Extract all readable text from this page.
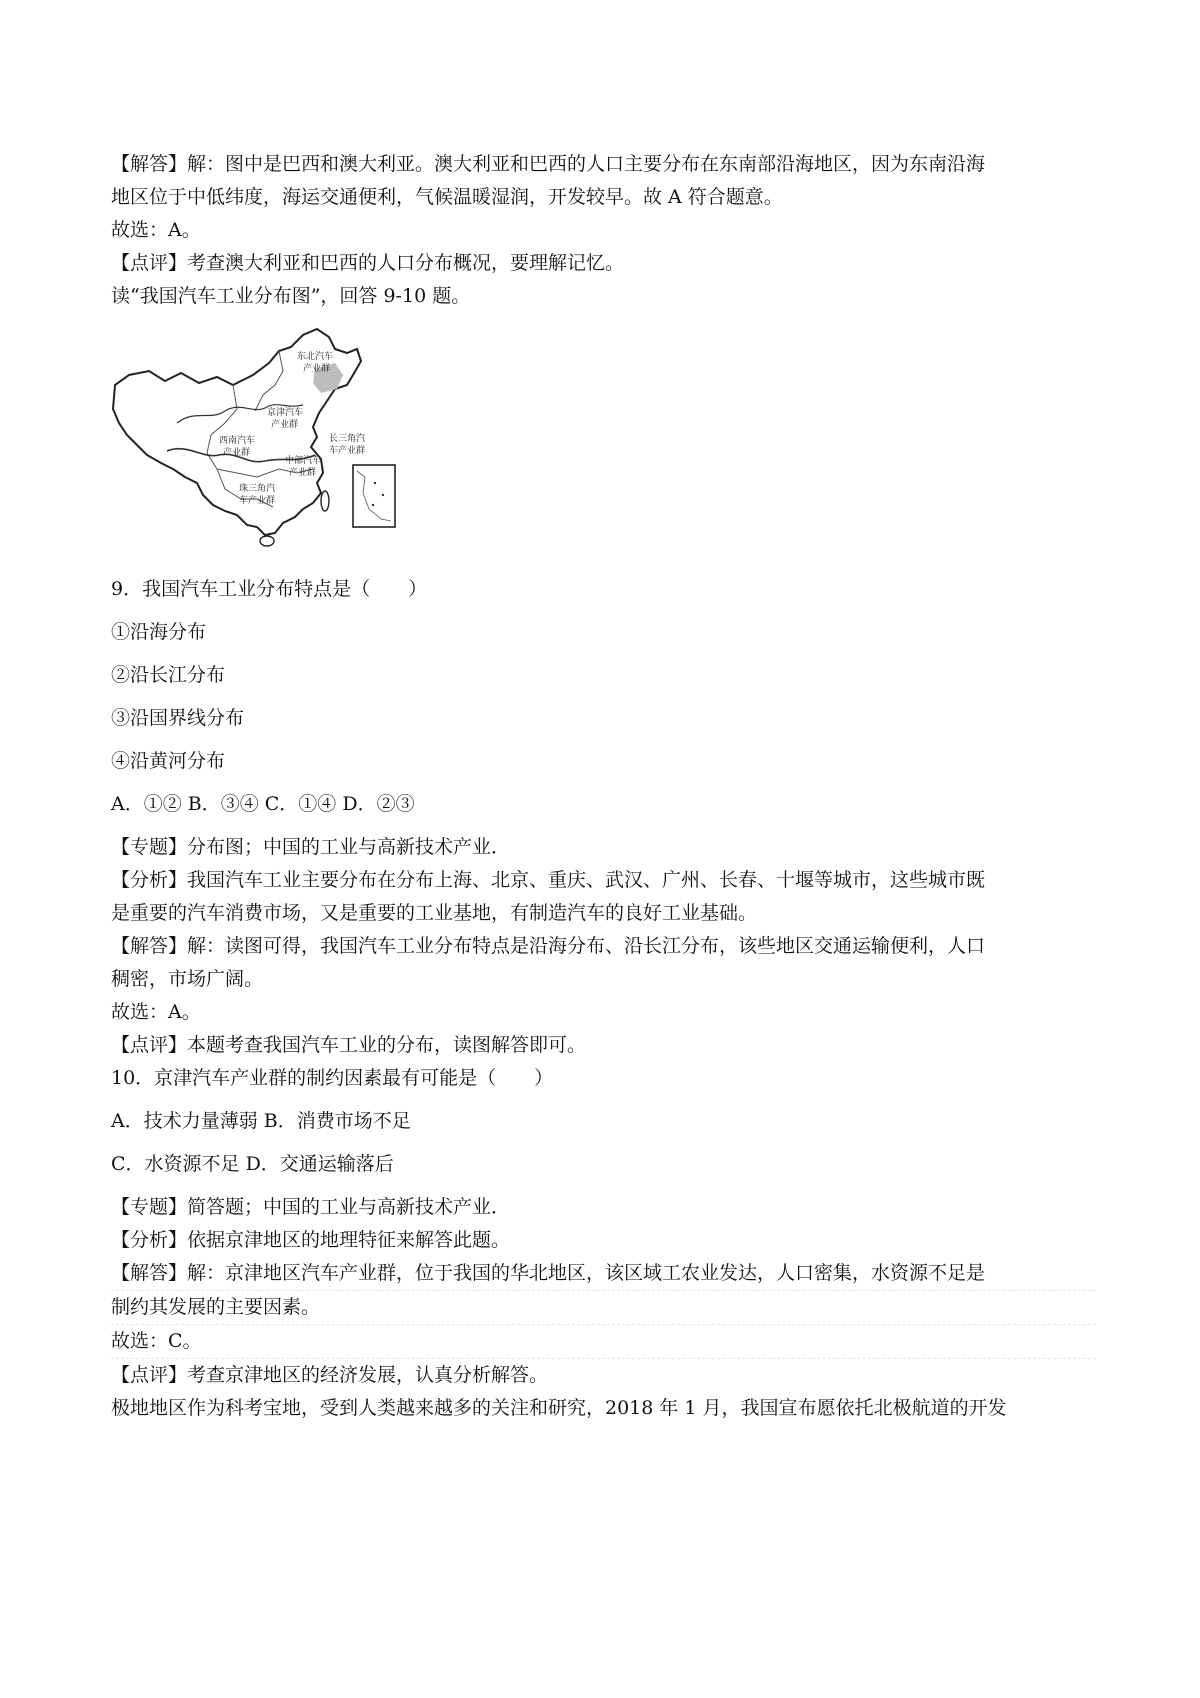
【解答】解：图中是巴西和澳大利亚。澳大利亚和巴西的人口主要分布在东南部沿海地区，因为东南沿海

地区位于中低纬度，海运交通便利，气候温暖湿润，开发较早。故 A 符合题意。

故选：A。

【点评】考查澳大利亚和巴西的人口分布概况，要理解记忆。

读“我国汽车工业分布图”，回答 9-10 题。

东北汽车
产业群
京津汽车
产业群
西南汽车
产业群
中部汽车
产业群
长三角汽
车产业群
珠三角汽
车产业群

9．我国汽车工业分布特点是（　　）

①沿海分布

②沿长江分布

③沿国界线分布

④沿黄河分布

A．①② B．③④ C．①④ D．②③

【专题】分布图；中国的工业与高新技术产业．

【分析】我国汽车工业主要分布在分布上海、北京、重庆、武汉、广州、长春、十堰等城市，这些城市既

是重要的汽车消费市场，又是重要的工业基地，有制造汽车的良好工业基础。

【解答】解：读图可得，我国汽车工业分布特点是沿海分布、沿长江分布，该些地区交通运输便利，人口

稠密，市场广阔。

故选：A。

【点评】本题考查我国汽车工业的分布，读图解答即可。

10．京津汽车产业群的制约因素最有可能是（　　）

A．技术力量薄弱 B．消费市场不足

C．水资源不足 D．交通运输落后

【专题】简答题；中国的工业与高新技术产业．

【分析】依据京津地区的地理特征来解答此题。

【解答】解：京津地区汽车产业群，位于我国的华北地区，该区域工农业发达，人口密集，水资源不足是

制约其发展的主要因素。

故选：C。

【点评】考查京津地区的经济发展，认真分析解答。

极地地区作为科考宝地，受到人类越来越多的关注和研究，2018 年 1 月，我国宣布愿依托北极航道的开发
